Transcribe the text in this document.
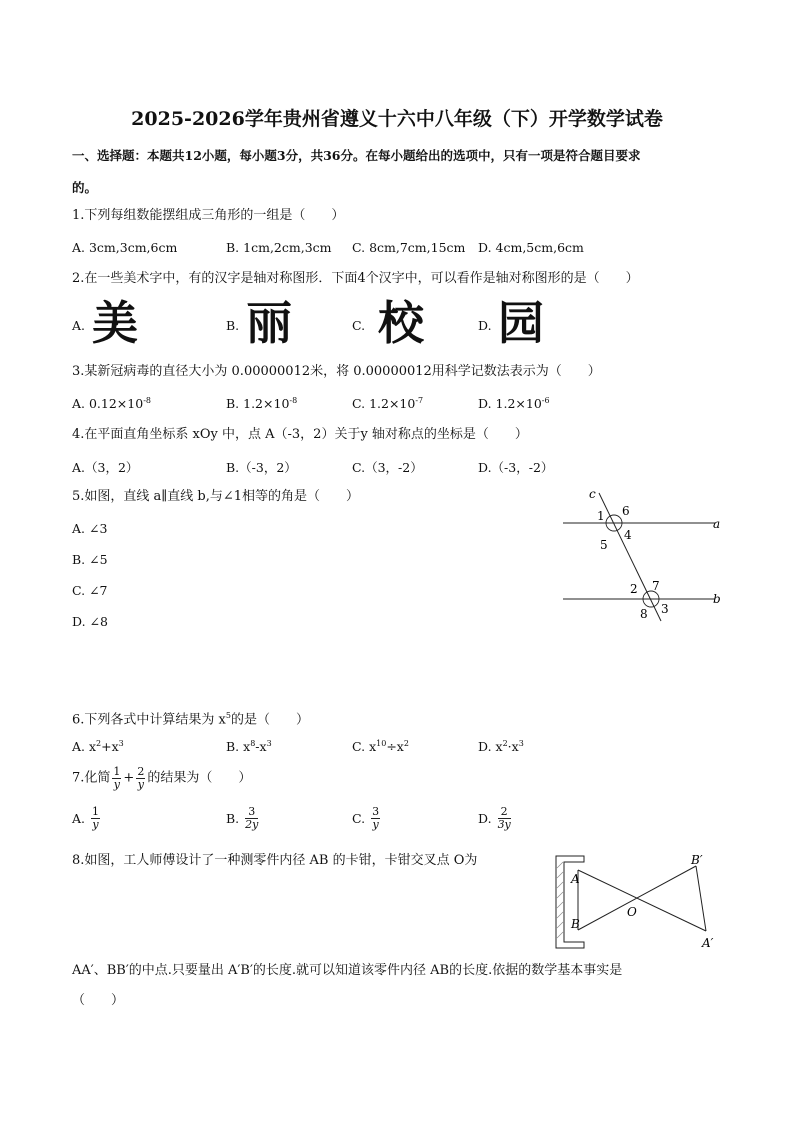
2025-2026学年贵州省遵义十六中八年级（下）开学数学试卷
一、选择题：本题共12小题，每小题3分，共36分。在每小题给出的选项中，只有一项是符合题目要求
的。
1.下列每组数能摆组成三角形的一组是（　　）
A. 3cm,3cm,6cm	B. 1cm,2cm,3cm C. 8cm,7cm,15cm D. 4cm,5cm,6cm
2.在一些美术字中，有的汉字是轴对称图形．下面4个汉字中，可以看作是轴对称图形的是（　　）
A. 美	B. 丽	C. 校	D. 园
3.某新冠病毒的直径大小为 0.00000012米，将 0.00000012用科学记数法表示为（　　）
A. $0.12\times 10^{-8}$	B. $1.2\times 10^{-8}$	C. $1.2\times 10^{-7}$	D. $1.2\times 10^{-6}$
4.在平面直角坐标系 xOy 中，点 A（-3，2）关于y 轴对称点的坐标是（　　）
A.（3，2）	B.（-3，2）	C.（3，-2）	D.（-3，-2）
5.如图，直线 a∥直线 b,与∠1相等的角是（　　）
A. ∠3
B. ∠5
C. ∠7
D. ∠8
c
a
b
1 6
4
5
2 7
3
8
6.下列各式中计算结果为 $x^5$的是（　　）
A. $x^2+x^3$	B. $x^8-x^3$	C. $x^{10}\div x^2$	D. $x^2\cdot x^3$
7.化简 $\frac{1}{y} + \frac{2}{y}$ 的结果为（　　）
A. $\frac{1}{y}$	B. $\frac{3}{2y}$	C. $\frac{3}{y}$	D. $\frac{2}{3y}$
8.如图，工人师傅设计了一种测零件内径 AB 的卡钳，卡钳交叉点 O为
AA′、BB′的中点.只要量出 A′B′的长度.就可以知道该零件内径 AB的长度.依据的数学基本事实是
（　　）
A
B
O
B′
A′
